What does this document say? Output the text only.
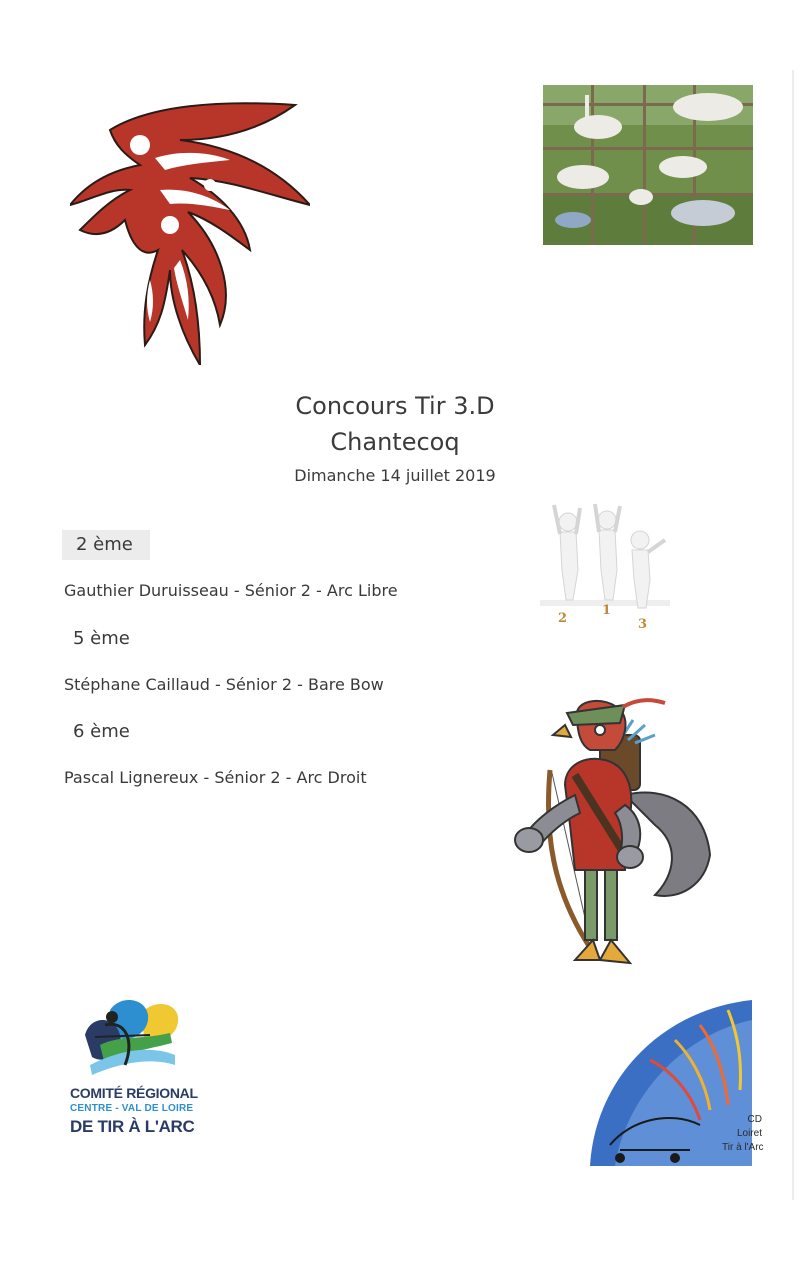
Concours Tir 3.D
Chantecoq
Dimanche 14 juillet 2019
2
1
3
2 ème
Gauthier Duruisseau - Sénior 2 - Arc Libre
5 ème
Stéphane Caillaud - Sénior 2 - Bare Bow
6 ème
Pascal Lignereux - Sénior 2 - Arc Droit
COMITÉ RÉGIONAL
CENTRE - VAL DE LOIRE
DE TIR À L'ARC	CD
Loiret
Tir à l'Arc
